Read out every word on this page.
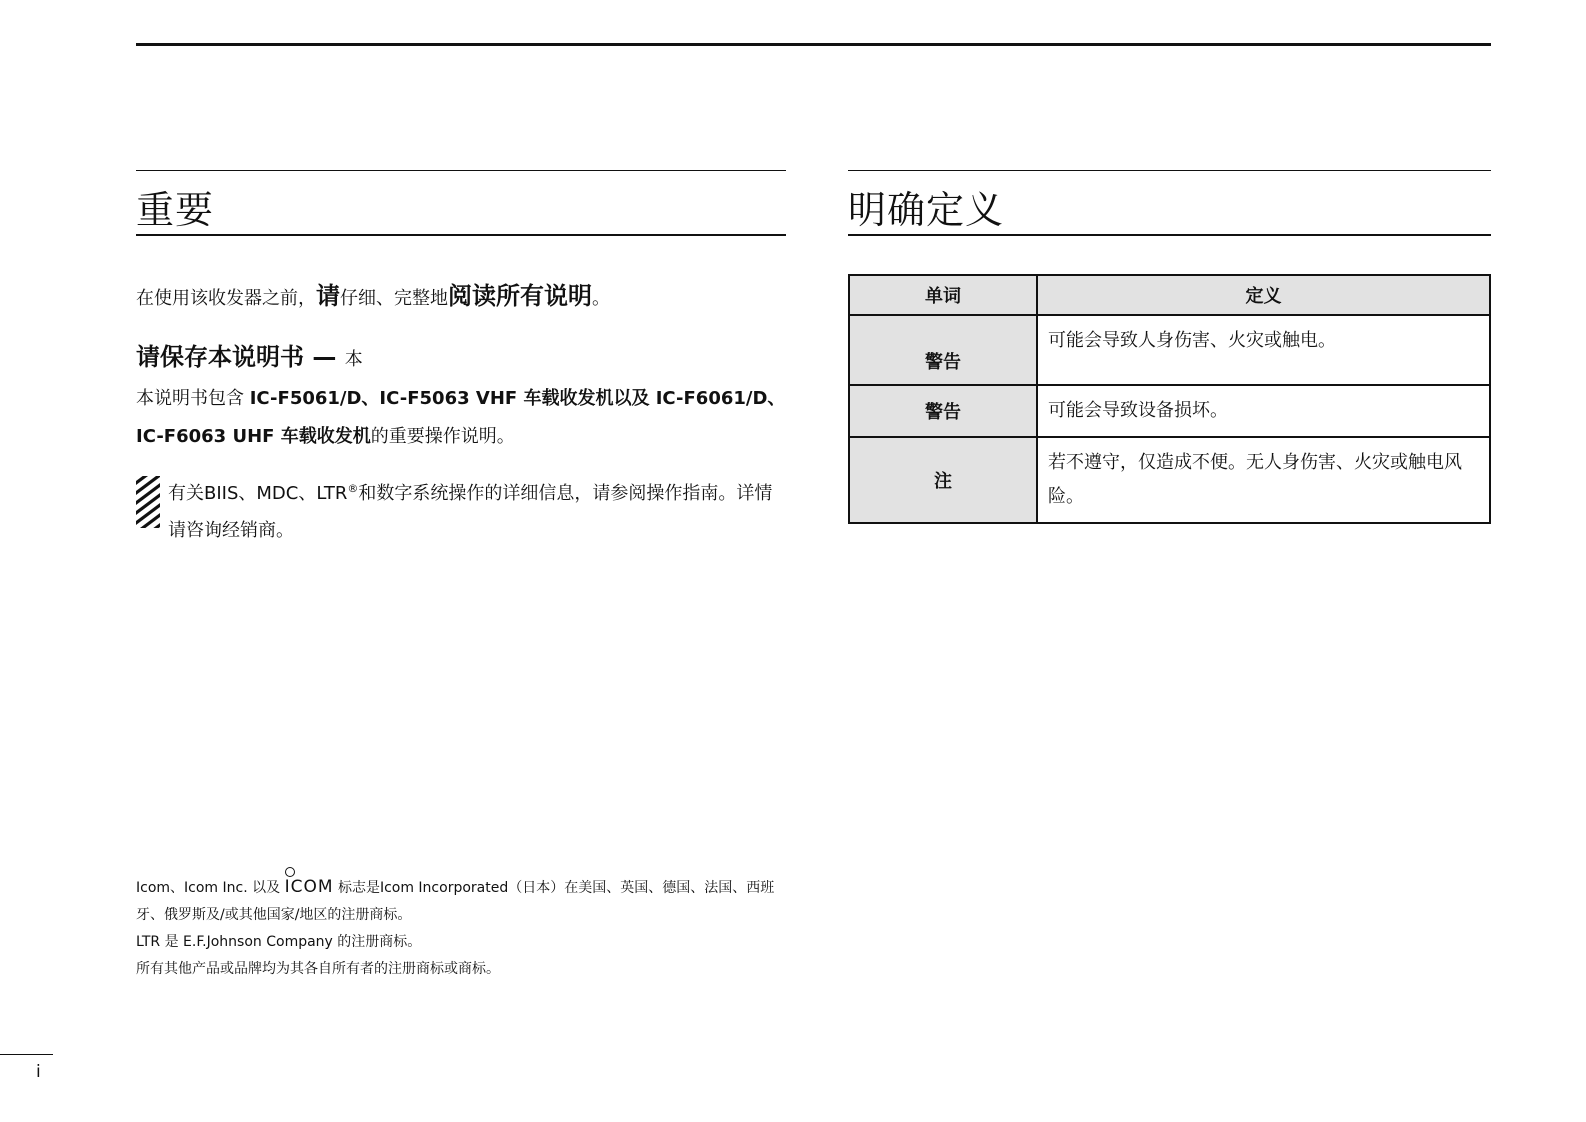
重要
在使用该收发器之前，请仔细、完整地阅读所有说明。
请保存本说明书 — 本
本说明书包含 IC-F5061/D、IC-F5063 VHF 车载收发机以及 IC-F6061/D、IC-F6063 UHF 车载收发机的重要操作说明。
有关BIIS、MDC、LTR®和数字系统操作的详细信息，请参阅操作指南。详情请咨询经销商。

Icom、Icom Inc. 以及 ICOM 标志是Icom Incorporated（日本）在美国、英国、德国、法国、西班牙、俄罗斯及/或其他国家/地区的注册商标。

LTR 是 E.F.Johnson Company 的注册商标。

所有其他产品或品牌均为其各自所有者的注册商标或商标。

明确定义
单词	定义
警告	可能会导致人身伤害、火灾或触电。
警告	可能会导致设备损坏。
注	若不遵守，仅造成不便。无人身伤害、火灾或触电风险。
i
